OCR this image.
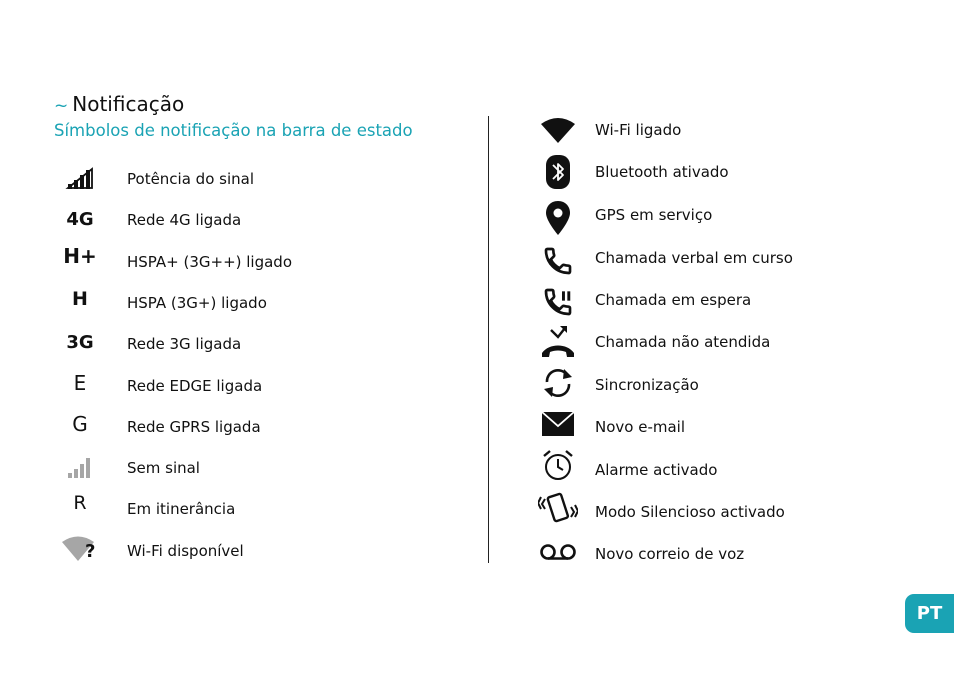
~ Notificação
Símbolos de notificação na barra de estado
Potência do sinal
4G Rede 4G ligada
H+ HSPA+ (3G++) ligado
H	HSPA (3G+) ligado
3G Rede 3G ligada
E	Rede EDGE ligada
G	Rede GPRS ligada
Sem sinal
R	Em itinerância
? Wi-Fi disponível
Wi-Fi ligado
Bluetooth ativado
GPS em serviço
Chamada verbal em curso
Chamada em espera
Chamada não atendida
Sincronização
Novo e-mail
Alarme activado
Modo Silencioso activado
Novo correio de voz
PT
